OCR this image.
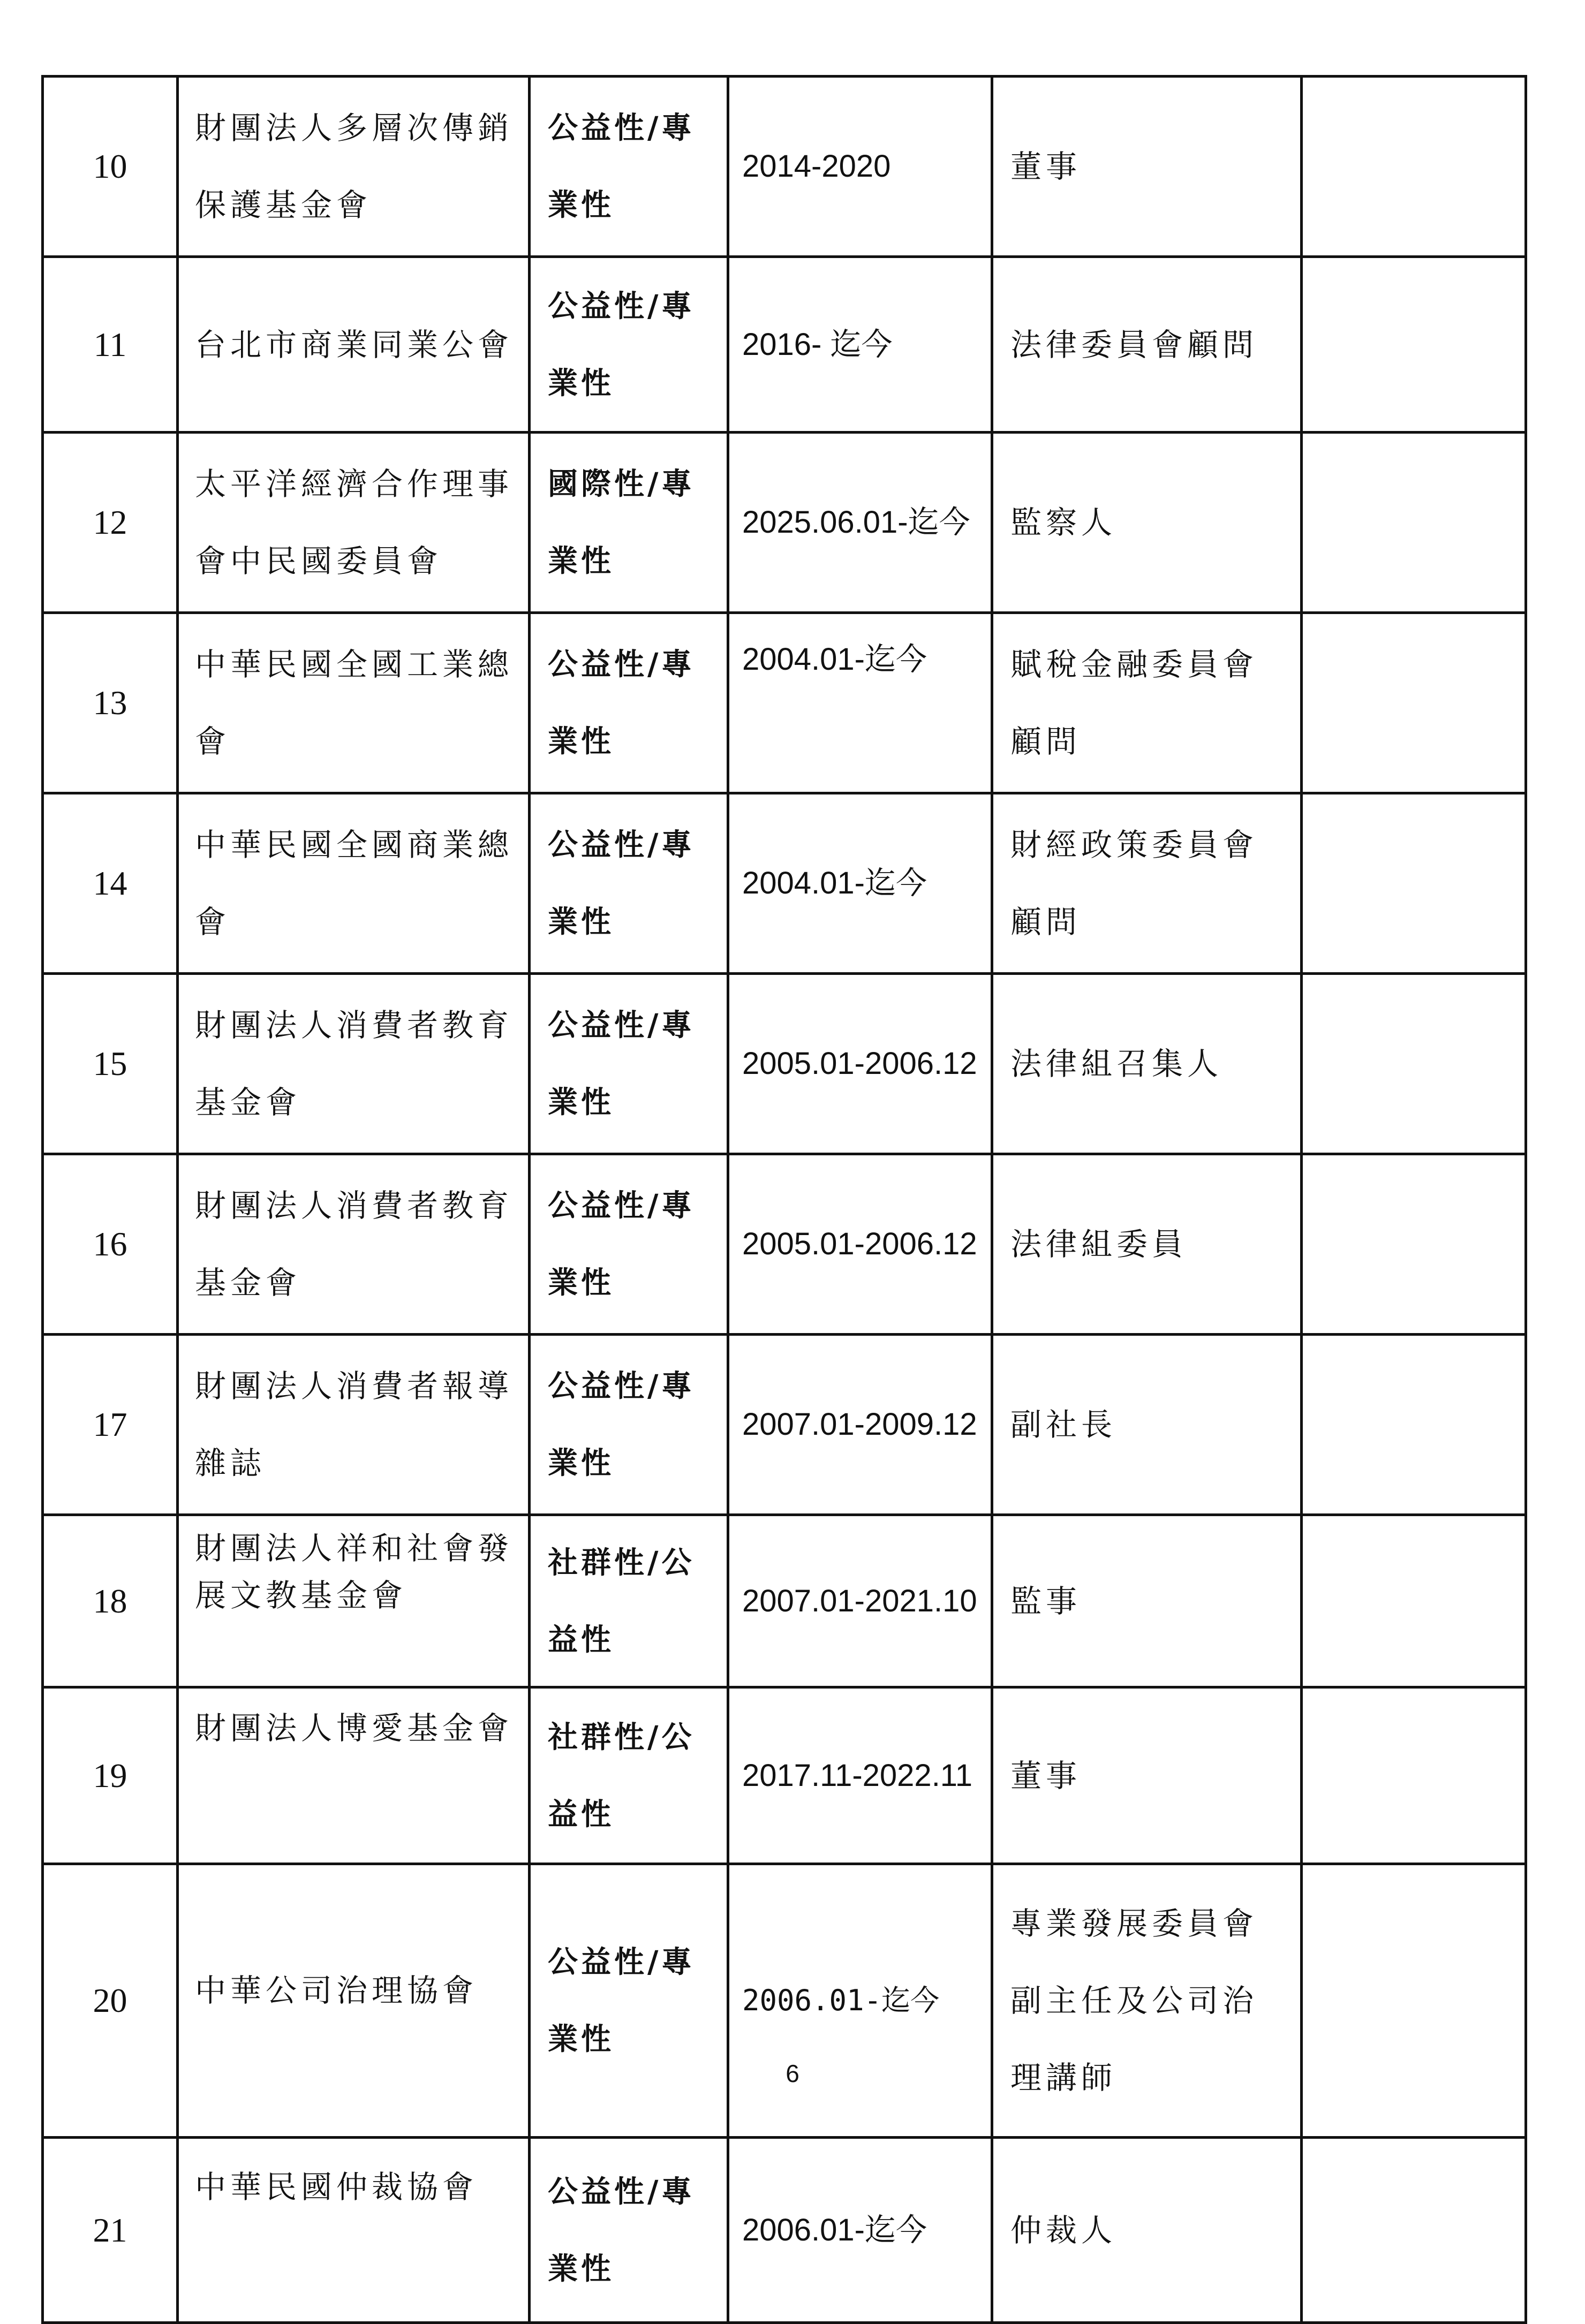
10	財團法人多層次傳銷保護基金會	公益性/專業性	2014-2020	董事	
11	台北市商業同業公會	公益性/專業性	2016- 迄今	法律委員會顧問	
12	太平洋經濟合作理事會中民國委員會	國際性/專業性	2025.06.01-迄今	監察人	
13	中華民國全國工業總會	公益性/專業性	2004.01-迄今	賦稅金融委員會顧問	
14	中華民國全國商業總會	公益性/專業性	2004.01-迄今	財經政策委員會顧問	
15	財團法人消費者教育基金會	公益性/專業性	2005.01-2006.12	法律組召集人	
16	財團法人消費者教育基金會	公益性/專業性	2005.01-2006.12	法律組委員	
17	財團法人消費者報導雜誌	公益性/專業性	2007.01-2009.12	副社長	
18	財團法人祥和社會發展文教基金會	社群性/公益性	2007.01-2021.10	監事	
19	財團法人博愛基金會	社群性/公益性	2017.11-2022.11	董事	
20	中華公司治理協會	公益性/專業性	2006.01-迄今	專業發展委員會副主任及公司治理講師	
21	中華民國仲裁協會	公益性/專業性	2006.01-迄今	仲裁人	
6
